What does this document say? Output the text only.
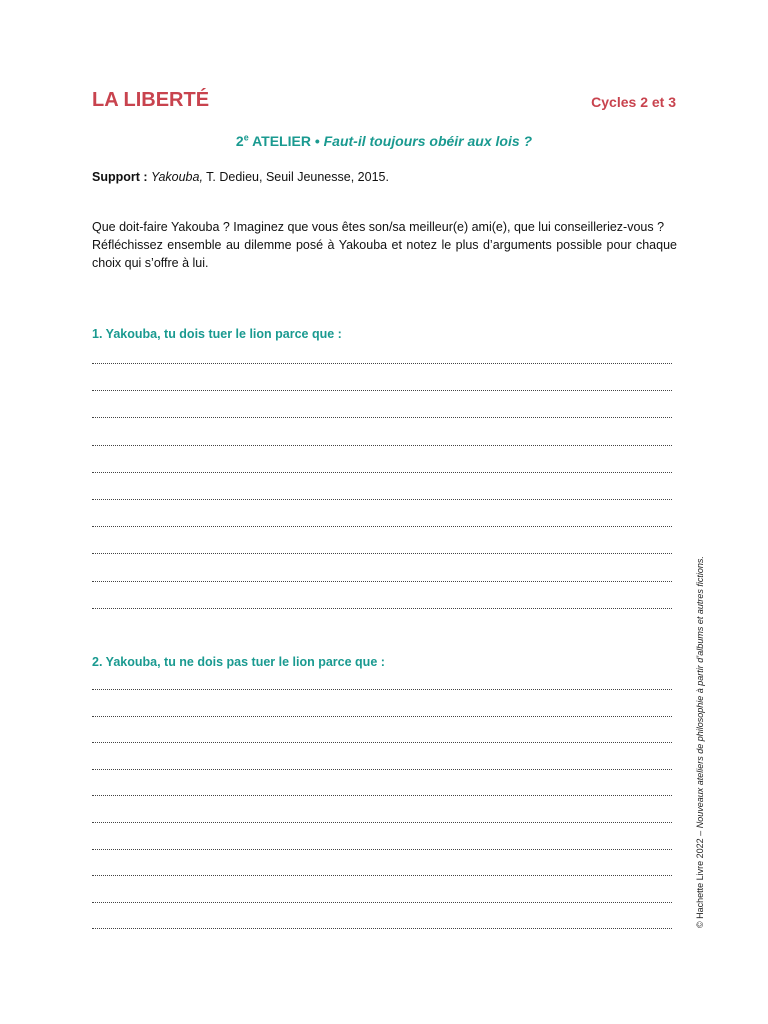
LA LIBERTÉ	Cycles 2 et 3
2e ATELIER • Faut-il toujours obéir aux lois ?
Support : Yakouba, T. Dedieu, Seuil Jeunesse, 2015.

Que doit-faire Yakouba ? Imaginez que vous êtes son/sa meilleur(e) ami(e), que lui conseilleriez-vous ?

Réfléchissez ensemble au dilemme posé à Yakouba et notez le plus d’arguments possible pour chaque choix qui s’offre à lui.

1. Yakouba, tu dois tuer le lion parce que :
2. Yakouba, tu ne dois pas tuer le lion parce que :
© Hachette Livre 2022 – Nouveaux ateliers de philosophie à partir d’albums et autres fictions.
